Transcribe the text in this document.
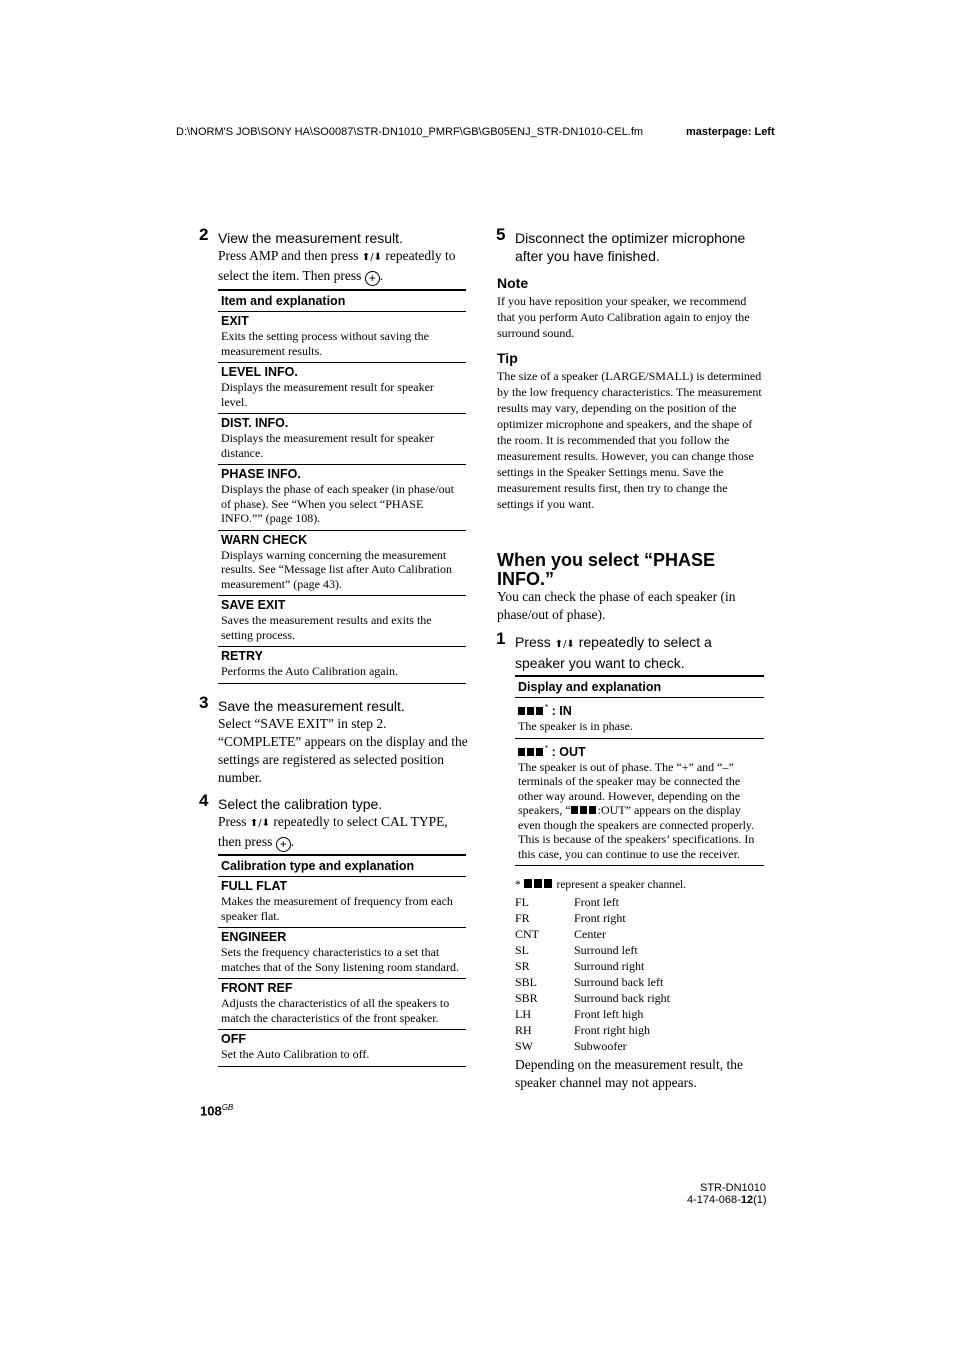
D:\NORM'S JOB\SONY HA\SO0087\STR-DN1010_PMRF\GB\GB05ENJ_STR-DN1010-CEL.fm	masterpage: Left
2 View the measurement result.
Press AMP and then press ⬆/⬇ repeatedly to select the item. Then press + .
Item and explanation

EXIT
Exits the setting process without saving the measurement results.

LEVEL INFO.
Displays the measurement result for speaker level.

DIST. INFO.
Displays the measurement result for speaker distance.

PHASE INFO.
Displays the phase of each speaker (in phase/out of phase). See “When you select “PHASE INFO.”” (page 108).

WARN CHECK
Displays warning concerning the measurement results. See “Message list after Auto Calibration measurement” (page 43).

SAVE EXIT
Saves the measurement results and exits the setting process.

RETRY
Performs the Auto Calibration again.
3 Save the measurement result.
Select “SAVE EXIT” in step 2. “COMPLETE” appears on the display and the settings are registered as selected position number.
4 Select the calibration type.
Press ⬆/⬇ repeatedly to select CAL TYPE, then press + .
Calibration type and explanation

FULL FLAT
Makes the measurement of frequency from each speaker flat.

ENGINEER
Sets the frequency characteristics to a set that matches that of the Sony listening room standard.

FRONT REF
Adjusts the characteristics of all the speakers to match the characteristics of the front speaker.

OFF
Set the Auto Calibration to off.
$108^{GB}$
5 Disconnect the optimizer microphone after you have finished.
Note
If you have reposition your speaker, we recommend that you perform Auto Calibration again to enjoy the surround sound.
Tip
The size of a speaker (LARGE/SMALL) is determined by the low frequency characteristics. The measurement results may vary, depending on the position of the optimizer microphone and speakers, and the shape of the room. It is recommended that you follow the measurement results. However, you can change those settings in the Speaker Settings menu. Save the measurement results first, then try to change the settings if you want.
When you select “PHASE INFO.”
You can check the phase of each speaker (in phase/out of phase).
1 Press ⬆/⬇ repeatedly to select a speaker you want to check.
Display and explanation

* : IN
The speaker is in phase.

* : OUT
The speaker is out of phase. The “+” and “–” terminals of the speaker may be connected the other way around. However, depending on the speakers, “ :OUT” appears on the display even though the speakers are connected properly. This is because of the speakers’ specifications. In this case, you can continue to use the receiver.
*	represent a speaker channel.
FL	Front left
FR	Front right
CNT	Center
SL	Surround left
SR	Surround right
SBL	Surround back left
SBR	Surround back right
LH	Front left high
RH	Front right high
SW	Subwoofer
Depending on the measurement result, the speaker channel may not appears.
STR-DN1010
4-174-068-12(1)
